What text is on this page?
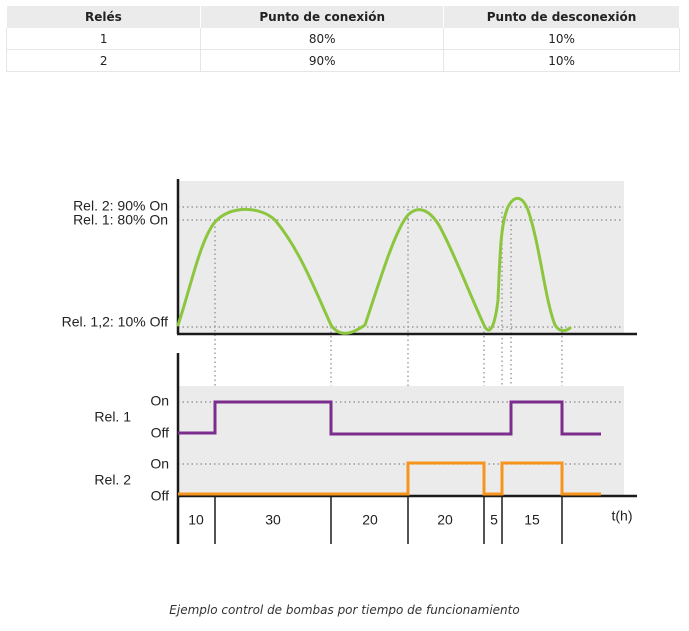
Relés	Punto de conexión	Punto de desconexión
1	80%	10%
2	90%	10%
Rel. 2: 90% On
Rel. 1: 80% On
Rel. 1,2: 10% Off
Rel. 1
Rel. 2
On
Off
On
Off
10	30	20	20	5 15	t(h)
Ejemplo control de bombas por tiempo de funcionamiento
